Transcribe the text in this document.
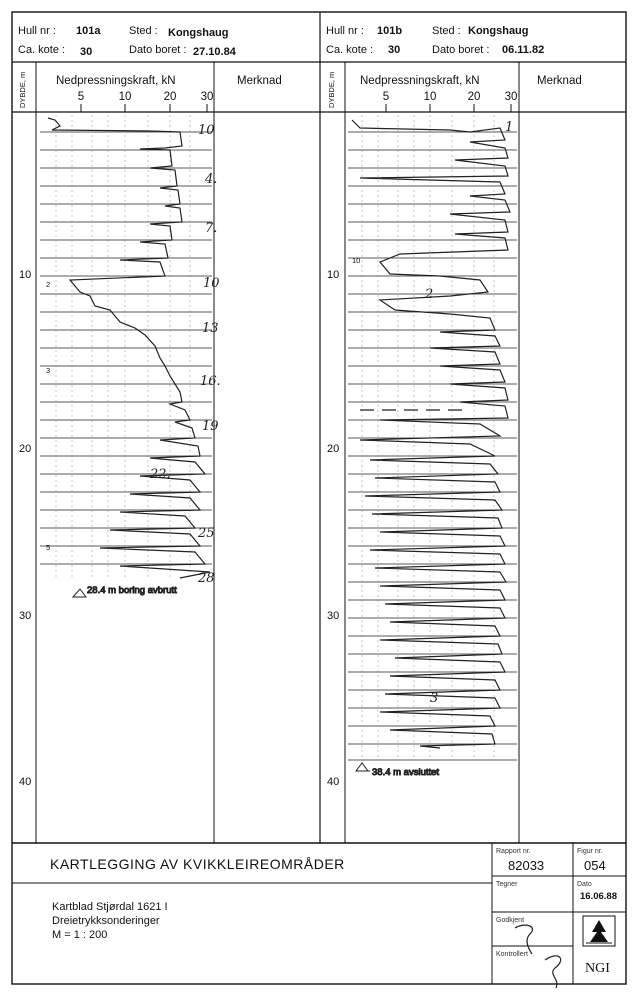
Hull nr : 101a	Sted : Kongshaug
Ca. kote : 30	Dato boret : 27.10.84
DYBDE, m	Nedpressningskraft, kN	Merknad
5	10	20 30
Hull nr : 101b	Sted : Kongshaug
Ca. kote : 30	Dato boret : 06.11.82
DYBDE, m Nedpressningskraft, kN	Merknad
5	10	20 30
10
20
30
40
10
20
30
40
28.4 m boring avbrutt
10
4.
7.
10
13
16.
19
22.
25
28
2
3
5
38.4 m avsluttet
1
2
3
10
KARTLEGGING AV KVIKKLEIREOMRÅDER
Kartblad Stjørdal 1621 I
Dreietrykksonderinger
M = 1 : 200
Rapport nr.
82033
Figur nr.
054
Tegner	Dato
16.06.88
Godkjent
Kontrollert
NGI
